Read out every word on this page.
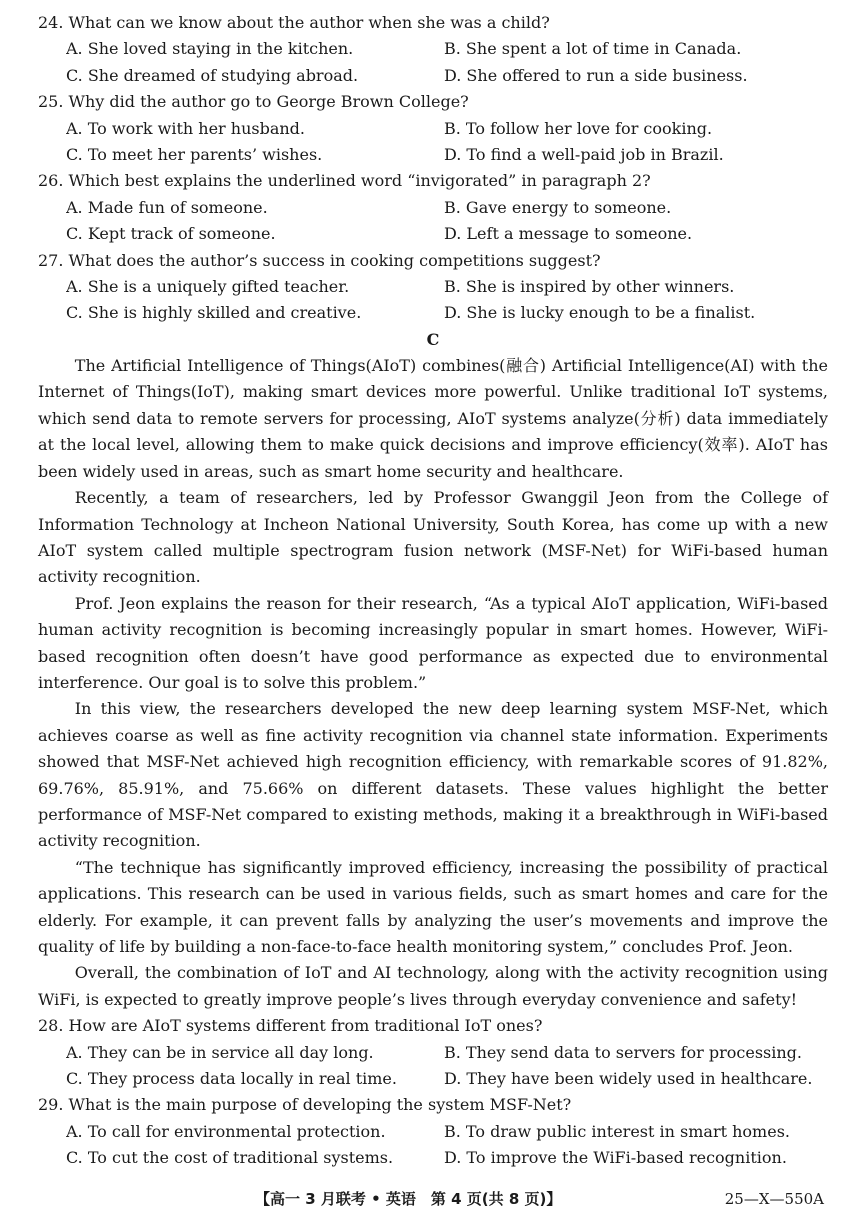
24. What can we know about the author when she was a child?
A. She loved staying in the kitchen.	B. She spent a lot of time in Canada.
C. She dreamed of studying abroad.	D. She offered to run a side business.
25. Why did the author go to George Brown College?
A. To work with her husband.	B. To follow her love for cooking.
C. To meet her parents’ wishes.	D. To find a well-paid job in Brazil.
26. Which best explains the underlined word “invigorated” in paragraph 2?
A. Made fun of someone.	B. Gave energy to someone.
C. Kept track of someone.	D. Left a message to someone.
27. What does the author’s success in cooking competitions suggest?
A. She is a uniquely gifted teacher.	B. She is inspired by other winners.
C. She is highly skilled and creative.	D. She is lucky enough to be a finalist.
C
The Artificial Intelligence of Things(AIoT) combines(融合) Artificial Intelligence(AI) with the Internet of Things(IoT), making smart devices more powerful. Unlike traditional IoT systems, which send data to remote servers for processing, AIoT systems analyze(分析) data immediately at the local level, allowing them to make quick decisions and improve efficiency(效率). AIoT has been widely used in areas, such as smart home security and healthcare.
Recently, a team of researchers, led by Professor Gwanggil Jeon from the College of Information Technology at Incheon National University, South Korea, has come up with a new AIoT system called multiple spectrogram fusion network (MSF-Net) for WiFi-based human activity recognition.
Prof. Jeon explains the reason for their research, “As a typical AIoT application, WiFi-based human activity recognition is becoming increasingly popular in smart homes. However, WiFi-based recognition often doesn’t have good performance as expected due to environmental interference. Our goal is to solve this problem.”
In this view, the researchers developed the new deep learning system MSF-Net, which achieves coarse as well as fine activity recognition via channel state information. Experiments showed that MSF-Net achieved high recognition efficiency, with remarkable scores of 91.82%, 69.76%, 85.91%, and 75.66% on different datasets. These values highlight the better performance of MSF-Net compared to existing methods, making it a breakthrough in WiFi-based activity recognition.
“The technique has significantly improved efficiency, increasing the possibility of practical applications. This research can be used in various fields, such as smart homes and care for the elderly. For example, it can prevent falls by analyzing the user’s movements and improve the quality of life by building a non-face-to-face health monitoring system,” concludes Prof. Jeon.
Overall, the combination of IoT and AI technology, along with the activity recognition using WiFi, is expected to greatly improve people’s lives through everyday convenience and safety!
28. How are AIoT systems different from traditional IoT ones?
A. They can be in service all day long.	B. They send data to servers for processing.
C. They process data locally in real time.	D. They have been widely used in healthcare.
29. What is the main purpose of developing the system MSF-Net?
A. To call for environmental protection.	B. To draw public interest in smart homes.
C. To cut the cost of traditional systems.	D. To improve the WiFi-based recognition.
【高一 3 月联考 • 英语　第 4 页(共 8 页)】	25—X—550A
